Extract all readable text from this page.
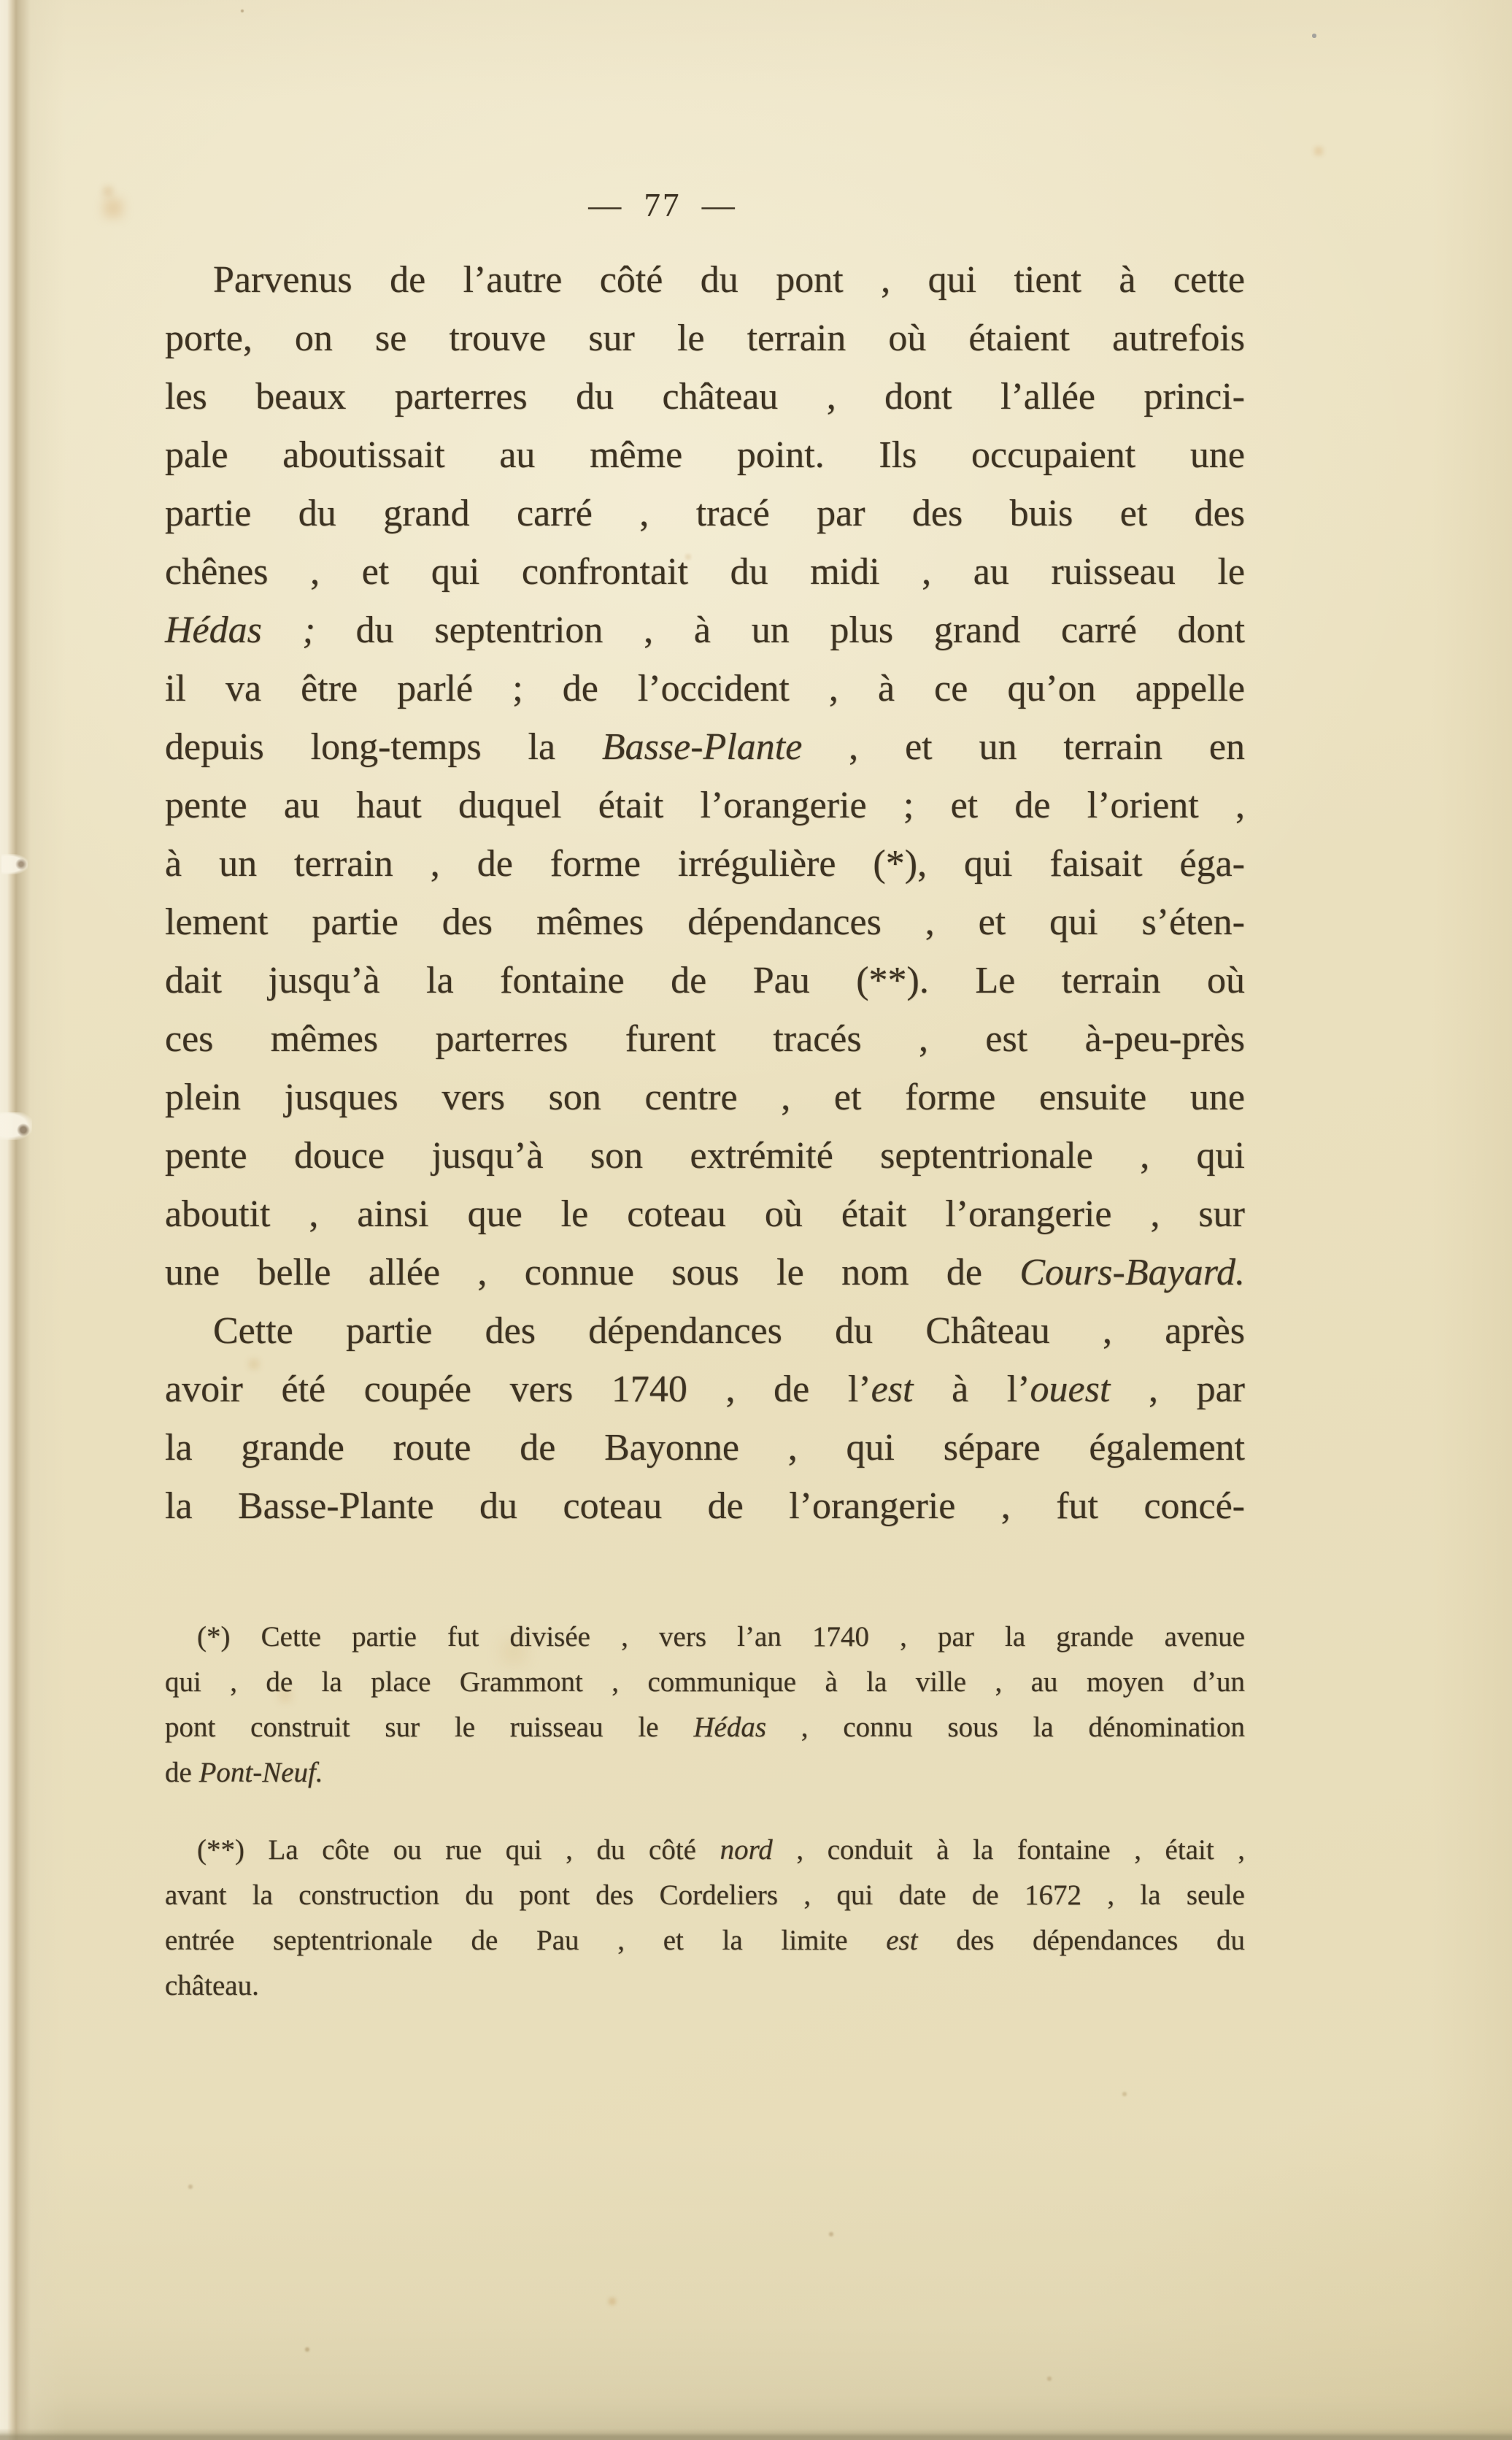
— 77 —
Parvenus de l’autre côté du pont , qui tient à cette
porte, on se trouve sur le terrain où étaient autrefois
les beaux parterres du château , dont l’allée princi-
pale aboutissait au même point. Ils occupaient une
partie du grand carré , tracé par des buis et des
chênes , et qui confrontait du midi , au ruisseau le
Hédas ; du septentrion , à un plus grand carré dont
il va être parlé ; de l’occident , à ce qu’on appelle
depuis long-temps la Basse-Plante , et un terrain en
pente au haut duquel était l’orangerie ; et de l’orient ,
à un terrain , de forme irrégulière (*), qui faisait éga-
lement partie des mêmes dépendances , et qui s’éten-
dait jusqu’à la fontaine de Pau (**). Le terrain où
ces mêmes parterres furent tracés , est à-peu-près
plein jusques vers son centre , et forme ensuite une
pente douce jusqu’à son extrémité septentrionale , qui
aboutit , ainsi que le coteau où était l’orangerie , sur
une belle allée , connue sous le nom de Cours-Bayard.
Cette partie des dépendances du Château , après
avoir été coupée vers 1740 , de l’est à l’ouest , par
la grande route de Bayonne , qui sépare également
la Basse-Plante du coteau de l’orangerie , fut concé-
(*) Cette partie fut divisée , vers l’an 1740 , par la grande avenue
qui , de la place Grammont , communique à la ville , au moyen d’un
pont construit sur le ruisseau le Hédas , connu sous la dénomination
de Pont-Neuf.
(**) La côte ou rue qui , du côté nord , conduit à la fontaine , était ,
avant la construction du pont des Cordeliers , qui date de 1672 , la seule
entrée septentrionale de Pau , et la limite est des dépendances du
château.
